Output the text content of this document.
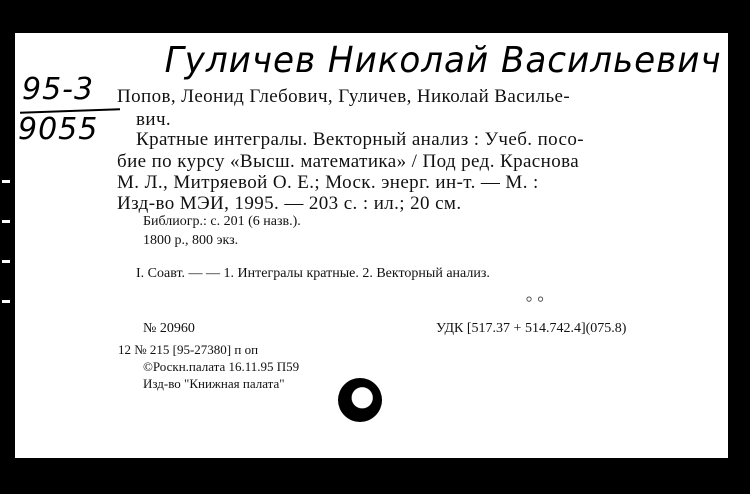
Гуличев Николай Васильевич
95-3
9055
Попов, Леонид Глебович, Гуличев, Николай Василье-
вич.
Кратные интегралы. Векторный анализ : Учеб. посо-
бие по курсу «Высш. математика» / Под ред. Краснова
М. Л., Митряевой О. Е.; Моск. энерг. ин-т. — М. :
Изд-во МЭИ, 1995. — 203 с. : ил.; 20 см.
Библиогр.: с. 201 (6 назв.).
1800 р., 800 экз.
I. Соавт. — — 1. Интегралы кратные. 2. Векторный анализ.
⸰ ⸰
№ 20960	УДК [517.37 + 514.742.4](075.8)
12 № 215 [95-27380] п оп
©Роскн.палата 16.11.95 П59
Изд-во "Книжная палата"
